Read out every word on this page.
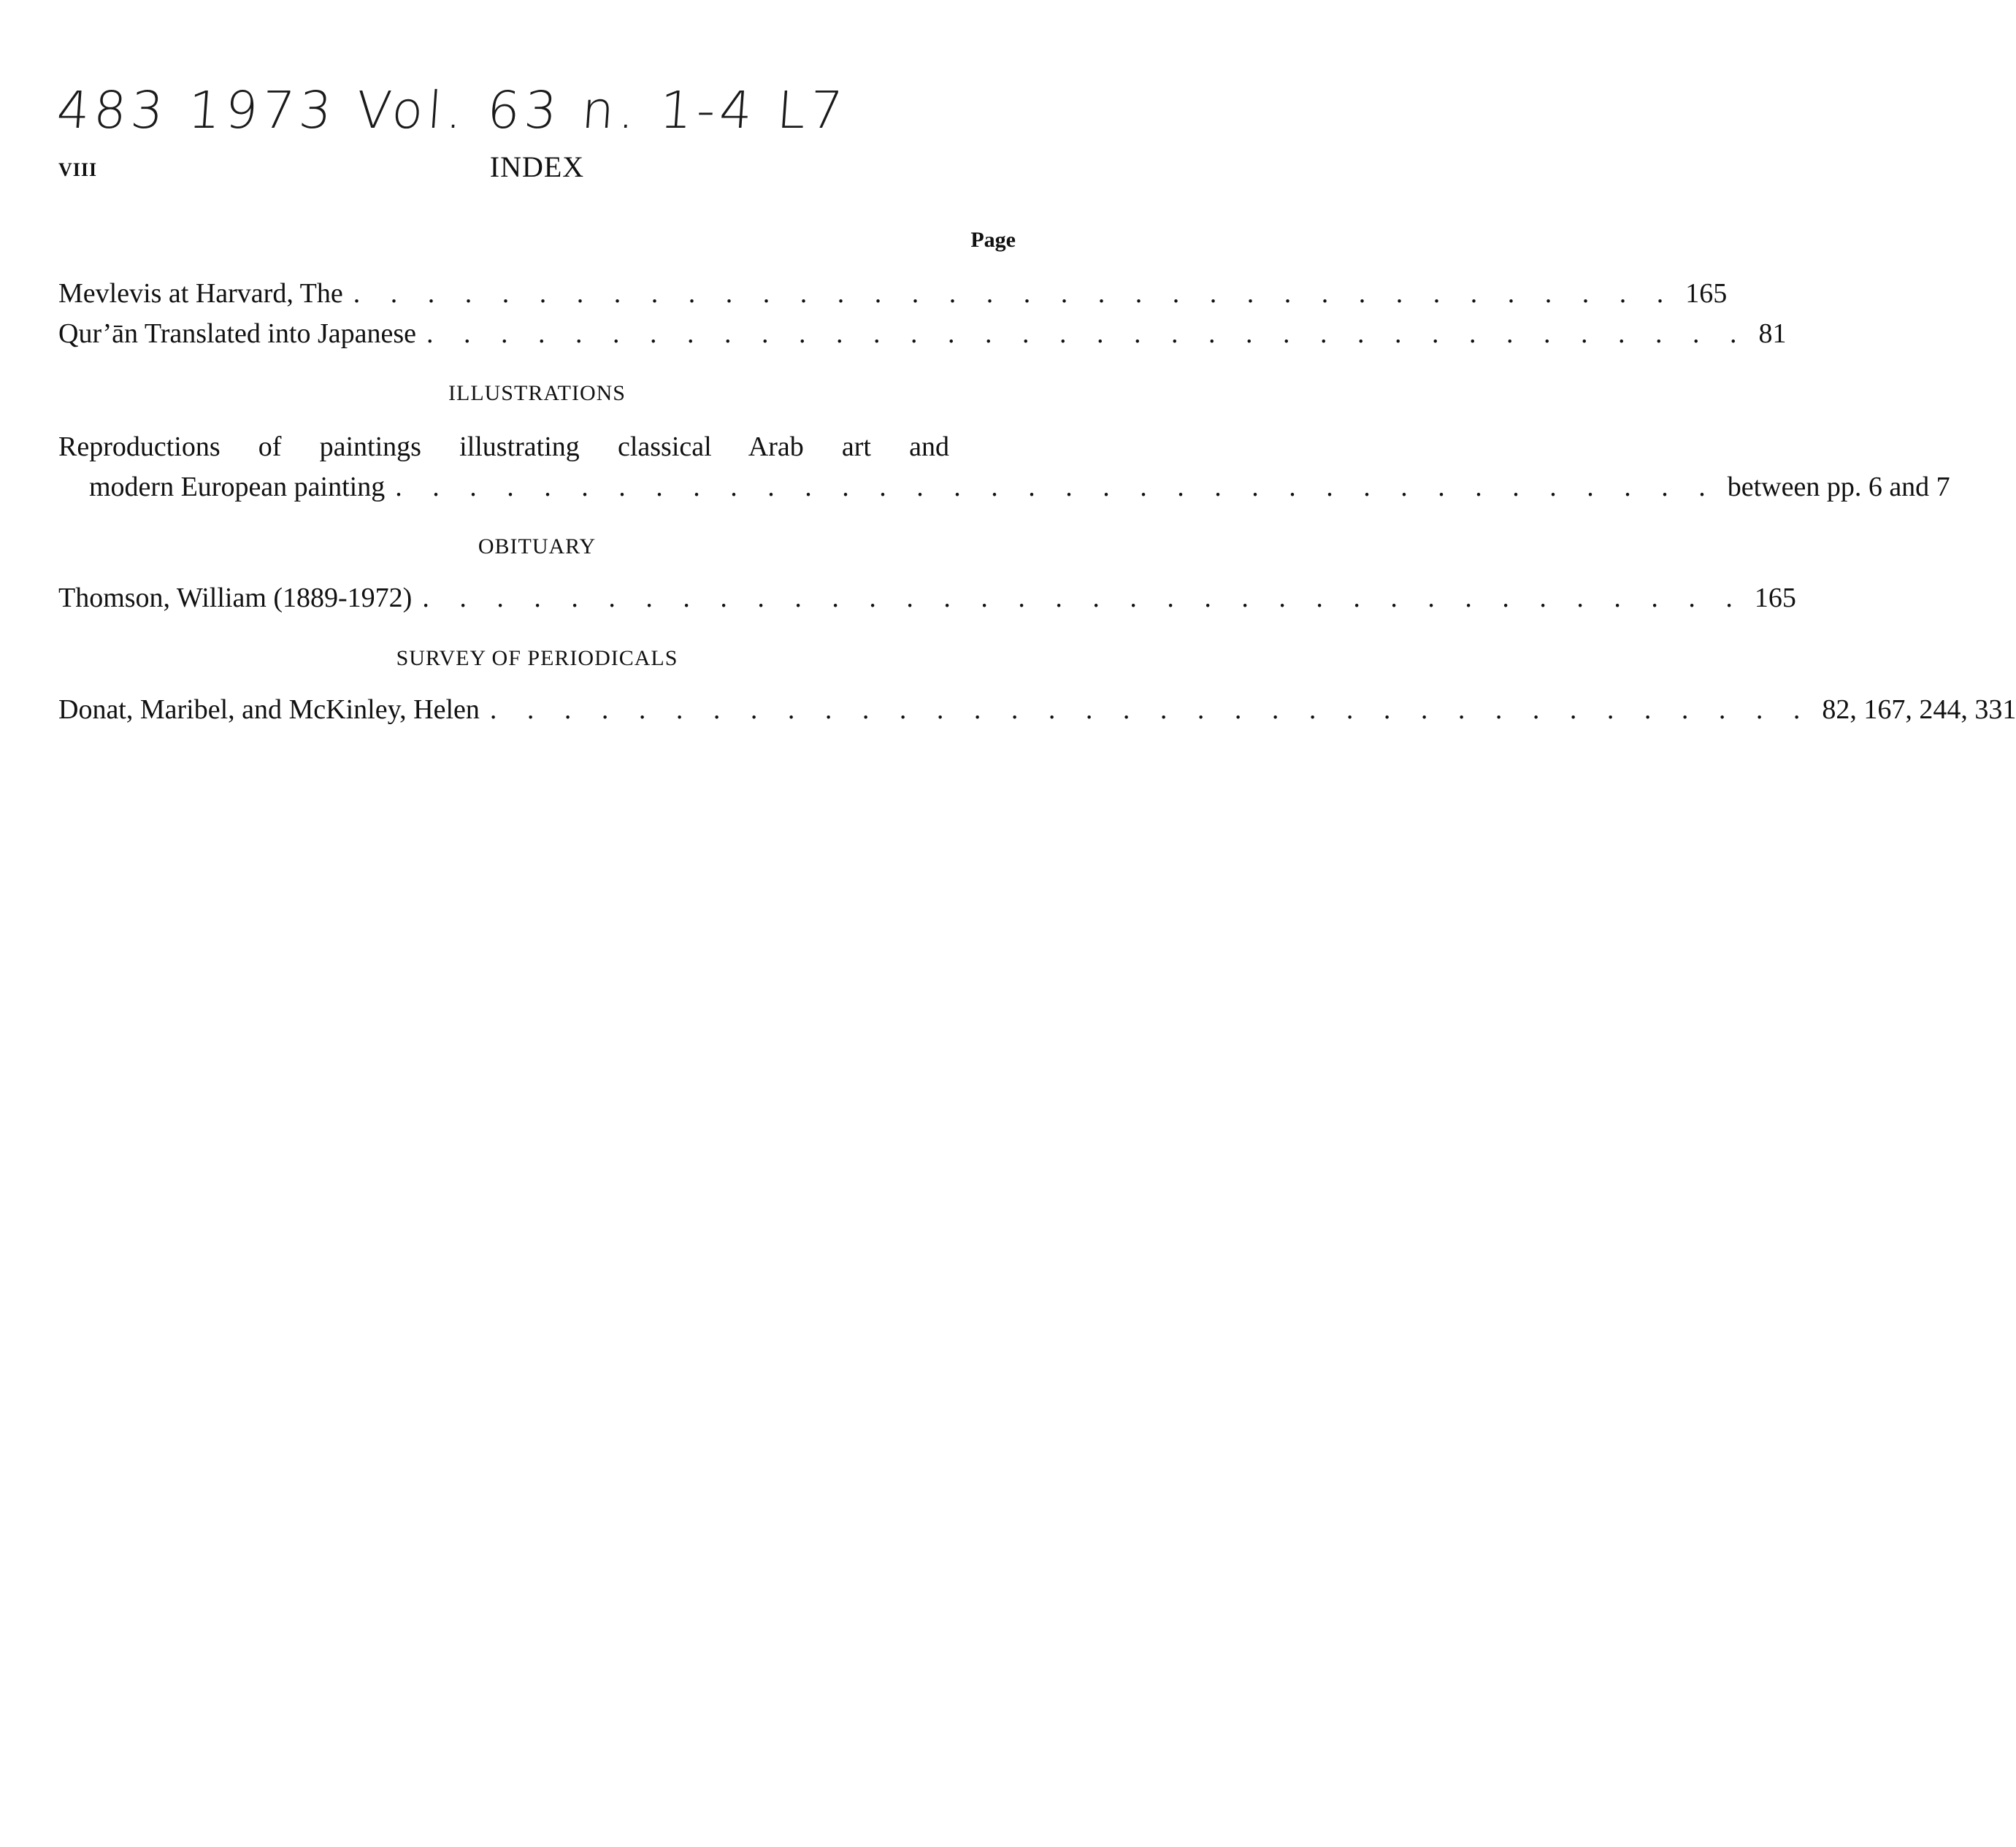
483 1973 Vol. 63 n. 1-4 L7
VIII	INDEX
Page
Mevlevis at Harvard, The . . . . . . . . . . . . . . . . . . . . . . . . . . . . . . . . . . . . 165
Qur’ān Translated into Japanese . . . . . . . . . . . . . . . . . . . . . . . . . . . . . . . . . . . . 81
ILLUSTRATIONS
Reproductions of paintings illustrating classical Arab art and
modern European painting . . . . . . . . . . . . . . . . . . . . . . . . . . . . . . . . . . . . between pp. 6 and 7
OBITUARY
Thomson, William (1889-1972) . . . . . . . . . . . . . . . . . . . . . . . . . . . . . . . . . . . . 165
SURVEY OF PERIODICALS
Donat, Maribel, and McKinley, Helen . . . . . . . . . . . . . . . . . . . . . . . . . . . . . . . . . . . . 82, 167, 244, 331
